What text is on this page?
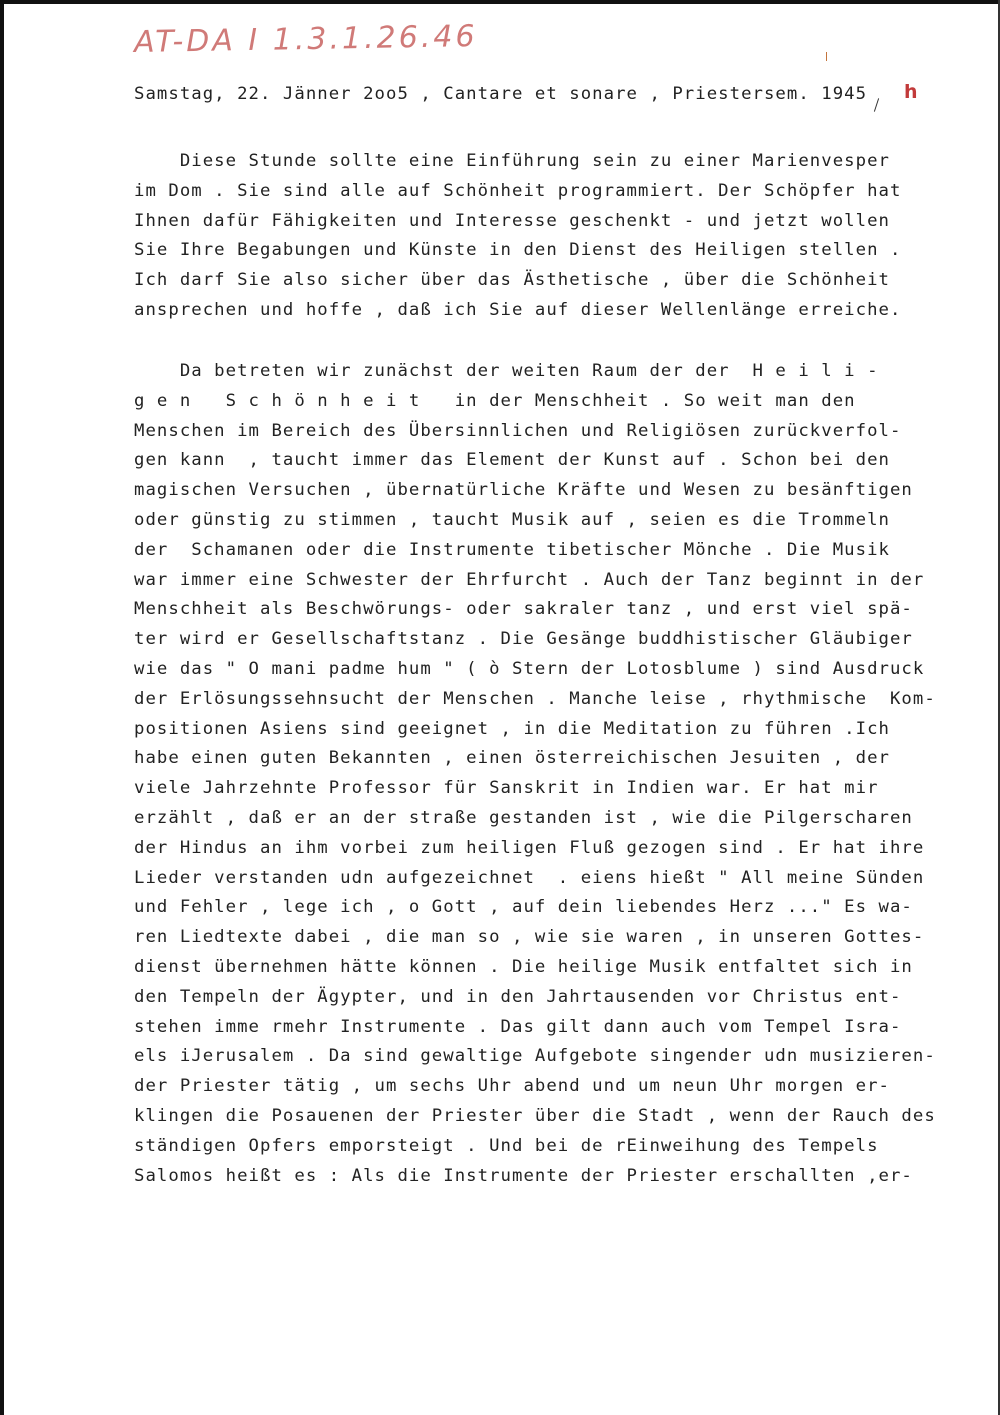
AT-DA I 1.3.1.26.46
Samstag, 22. Jänner 2oo5 , Cantare et sonare , Priestersem. 1945 h
Diese Stunde sollte eine Einführung sein zu einer Marienvesper
im Dom . Sie sind alle auf Schönheit programmiert. Der Schöpfer hat
Ihnen dafür Fähigkeiten und Interesse geschenkt - und jetzt wollen
Sie Ihre Begabungen und Künste in den Dienst des Heiligen stellen .
Ich darf Sie also sicher über das Ästhetische , über die Schönheit
ansprechen und hoffe , daß ich Sie auf dieser Wellenlänge erreiche.
Da betreten wir zunächst der weiten Raum der der  H e i l i -
g e n   S c h ö n h e i t   in der Menschheit . So weit man den
Menschen im Bereich des Übersinnlichen und Religiösen zurückverfol-
gen kann  , taucht immer das Element der Kunst auf . Schon bei den
magischen Versuchen , übernatürliche Kräfte und Wesen zu besänftigen
oder günstig zu stimmen , taucht Musik auf , seien es die Trommeln
der  Schamanen oder die Instrumente tibetischer Mönche . Die Musik
war immer eine Schwester der Ehrfurcht . Auch der Tanz beginnt in der
Menschheit als Beschwörungs- oder sakraler tanz , und erst viel spä-
ter wird er Gesellschaftstanz . Die Gesänge buddhistischer Gläubiger
wie das " O mani padme hum " ( ò Stern der Lotosblume ) sind Ausdruck
der Erlösungssehnsucht der Menschen . Manche leise , rhythmische  Kom-
positionen Asiens sind geeignet , in die Meditation zu führen .Ich
habe einen guten Bekannten , einen österreichischen Jesuiten , der
viele Jahrzehnte Professor für Sanskrit in Indien war. Er hat mir
erzählt , daß er an der straße gestanden ist , wie die Pilgerscharen
der Hindus an ihm vorbei zum heiligen Fluß gezogen sind . Er hat ihre
Lieder verstanden udn aufgezeichnet  . eiens hießt " All meine Sünden
und Fehler , lege ich , o Gott , auf dein liebendes Herz ..." Es wa-
ren Liedtexte dabei , die man so , wie sie waren , in unseren Gottes-
dienst übernehmen hätte können . Die heilige Musik entfaltet sich in
den Tempeln der Ägypter, und in den Jahrtausenden vor Christus ent-
stehen imme rmehr Instrumente . Das gilt dann auch vom Tempel Isra-
els iJerusalem . Da sind gewaltige Aufgebote singender udn musizieren-
der Priester tätig , um sechs Uhr abend und um neun Uhr morgen er-
klingen die Posauenen der Priester über die Stadt , wenn der Rauch des
ständigen Opfers emporsteigt . Und bei de rEinweihung des Tempels
Salomos heißt es : Als die Instrumente der Priester erschallten ,er-
